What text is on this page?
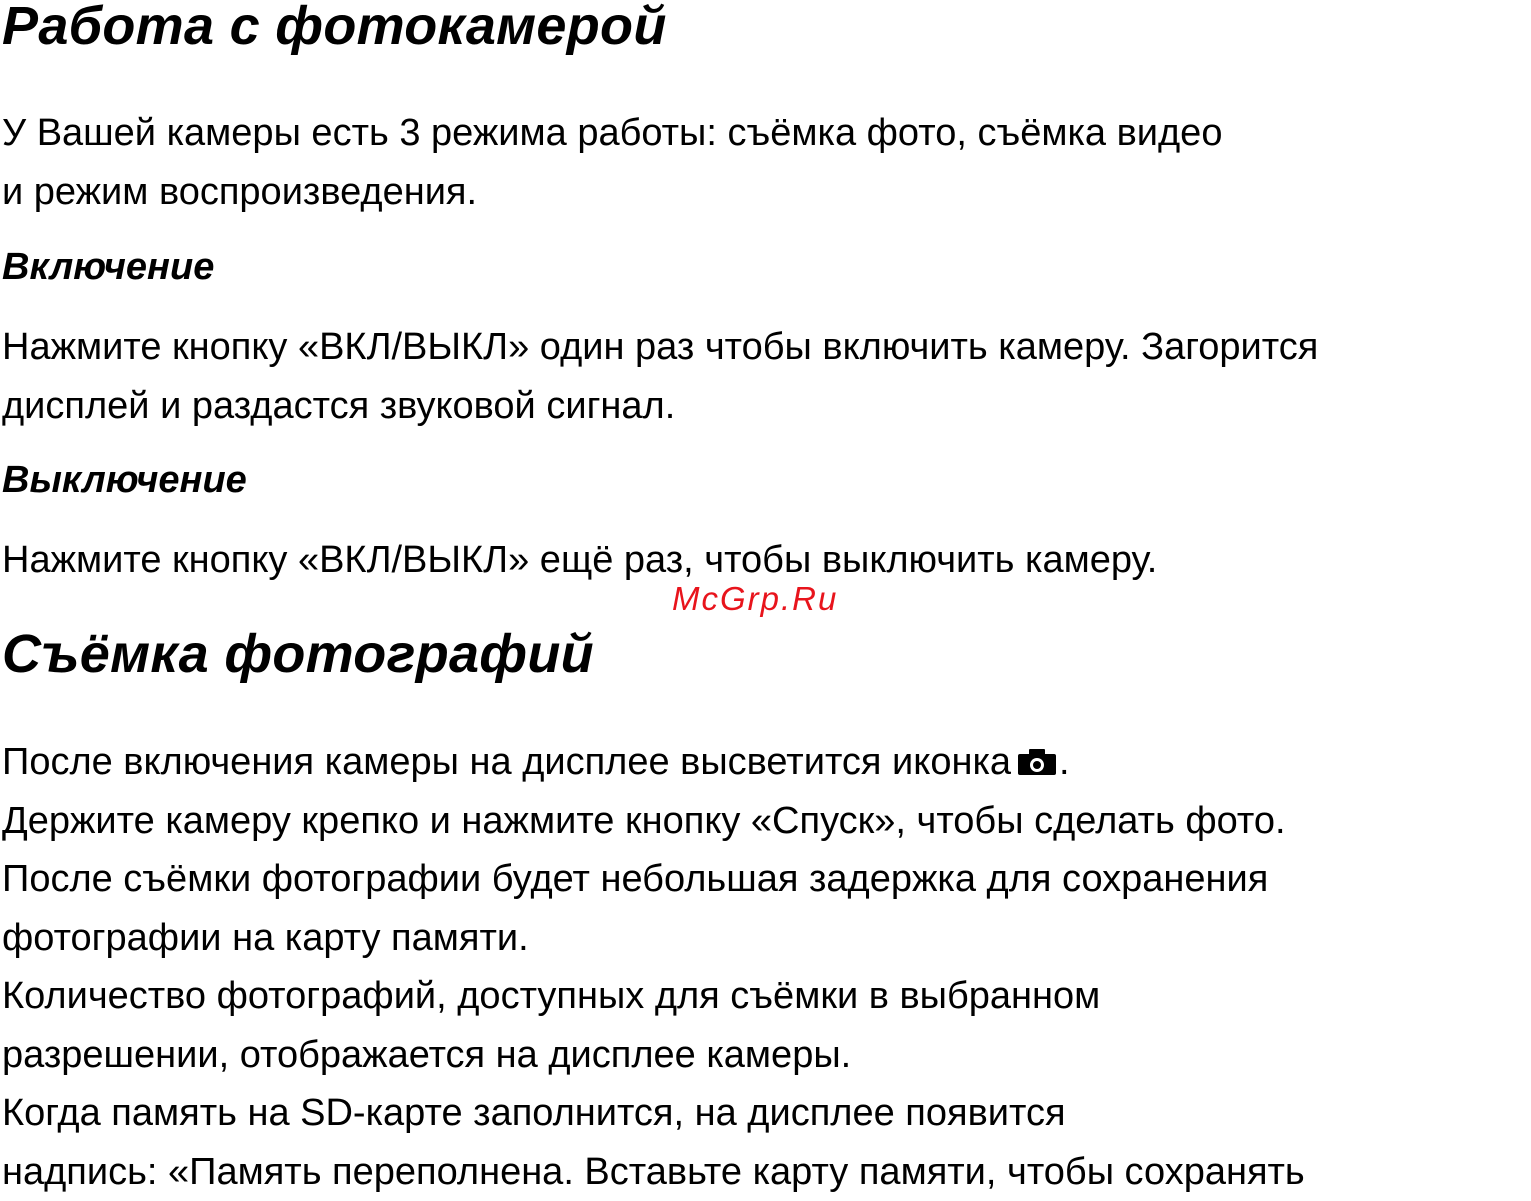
Работа с фотокамерой
У Вашей камеры есть 3 режима работы: съёмка фото, съёмка видео
и режим воспроизведения.
Включение
Нажмите кнопку «ВКЛ/ВЫКЛ» один раз чтобы включить камеру. Загорится
дисплей и раздастся звуковой сигнал.
Выключение
Нажмите кнопку «ВКЛ/ВЫКЛ» ещё раз, чтобы выключить камеру.
McGrp.Ru
Съёмка фотографий
После включения камеры на дисплее высветится иконка .
Держите камеру крепко и нажмите кнопку «Спуск», чтобы сделать фото.
После съёмки фотографии будет небольшая задержка для сохранения
фотографии на карту памяти.
Количество фотографий, доступных для съёмки в выбранном
разрешении, отображается на дисплее камеры.
Когда память на SD-карте заполнится, на дисплее появится
надпись: «Память переполнена. Вставьте карту памяти, чтобы сохранять
